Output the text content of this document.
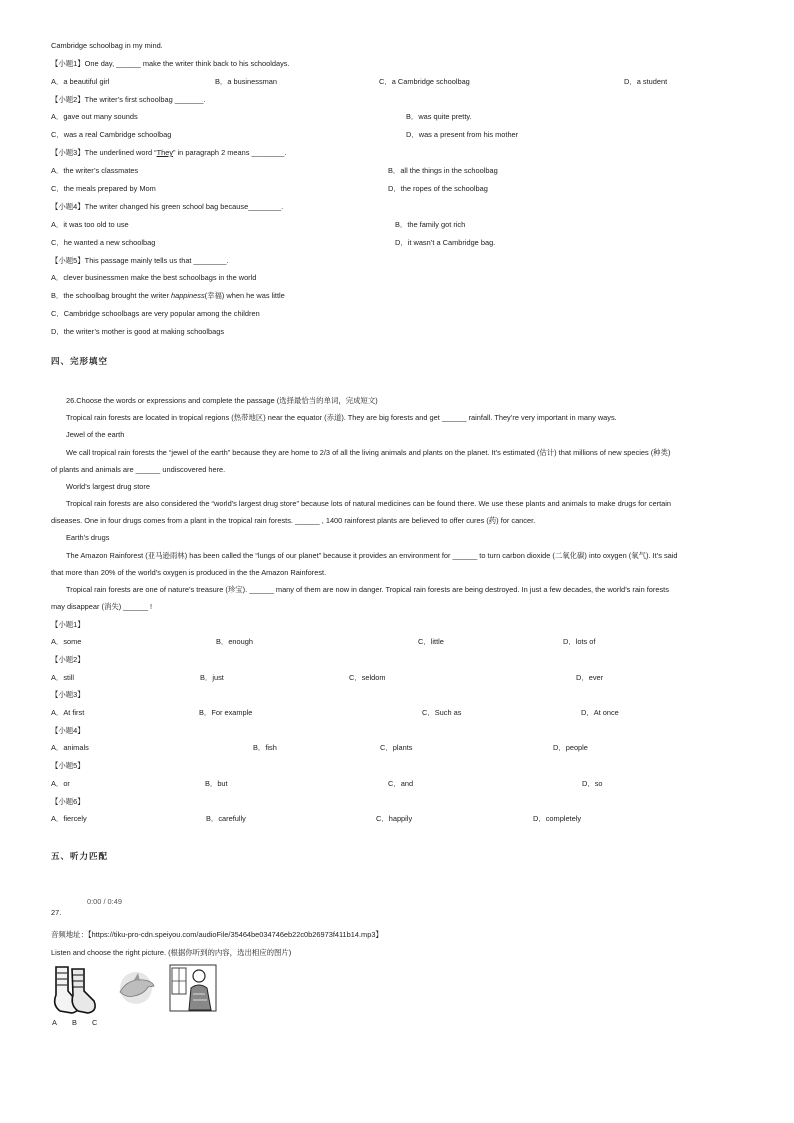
Cambridge schoolbag in my mind.
【小题1】One day, ______ make the writer think back to his schooldays.
A．a beautiful girl	B．a businessman	C．a Cambridge schoolbag	D．a student
【小题2】The writer’s first schoolbag _______.
A．gave out many sounds	B．was quite pretty.
C．was a real Cambridge schoolbag	D．was a present from his mother
【小题3】The underlined word “They” in paragraph 2 means ________.
A．the writer’s classmates	B．all the things in the schoolbag
C．the meals prepared by Mom	D．the ropes of the schoolbag
【小题4】The writer changed his green school bag because________.
A．it was too old to use	B．the family got rich
C．he wanted a new schoolbag	D．it wasn’t a Cambridge bag.
【小题5】This passage mainly tells us that ________.
A．clever businessmen make the best schoolbags in the world
B．the schoolbag brought the writer happiness(幸福) when he was little
C．Cambridge schoolbags are very popular among the children
D．the writer’s mother is good at making schoolbags
四、完形填空
26.Choose the words or expressions and complete the passage (选择最恰当的单词，完成短文)
Tropical rain forests are located in tropical regions (热带地区) near the equator (赤道). They are big forests and get ______ rainfall. They’re very important in many ways.
Jewel of the earth
We call tropical rain forests the “jewel of the earth” because they are home to 2/3 of all the living animals and plants on the planet. It’s estimated (估计) that millions of new species (种类)
of plants and animals are ______ undiscovered here.
World’s largest drug store
Tropical rain forests are also considered the “world’s largest drug store” because lots of natural medicines can be found there. We use these plants and animals to make drugs for certain
diseases. One in four drugs comes from a plant in the tropical rain forests. ______ , 1400 rainforest plants are believed to offer cures (药) for cancer.
Earth’s drugs
The Amazon Rainforest (亚马逊雨林) has been called the “lungs of our planet” because it provides an environment for ______ to turn carbon dioxide (二氧化碳) into oxygen (氧气). It’s said
that more than 20% of the world’s oxygen is produced in the the Amazon Rainforest.
Tropical rain forests are one of nature’s treasure (珍宝). ______ many of them are now in danger. Tropical rain forests are being destroyed. In just a few decades, the world’s rain forests
may disappear (消失) ______ !
【小题1】
A．some	B．enough	C．little	D．lots of
【小题2】
A．still	B．just	C．seldom	D．ever
【小题3】
A．At first	B．For example	C．Such as	D．At once
【小题4】
A．animals	B．fish	C．plants	D．people
【小题5】
A．or	B．but	C．and	D．so
【小题6】
A．fiercely	B．carefully	C．happily	D．completely
五、听力匹配
0:00 / 0:49
27.
音频地址：【https://tiku-pro-cdn.speiyou.com/audioFile/35464be034746eb22c0b26973f411b14.mp3】
Listen and choose the right picture. (根据你听到的内容，选出相应的图片)
A B C
